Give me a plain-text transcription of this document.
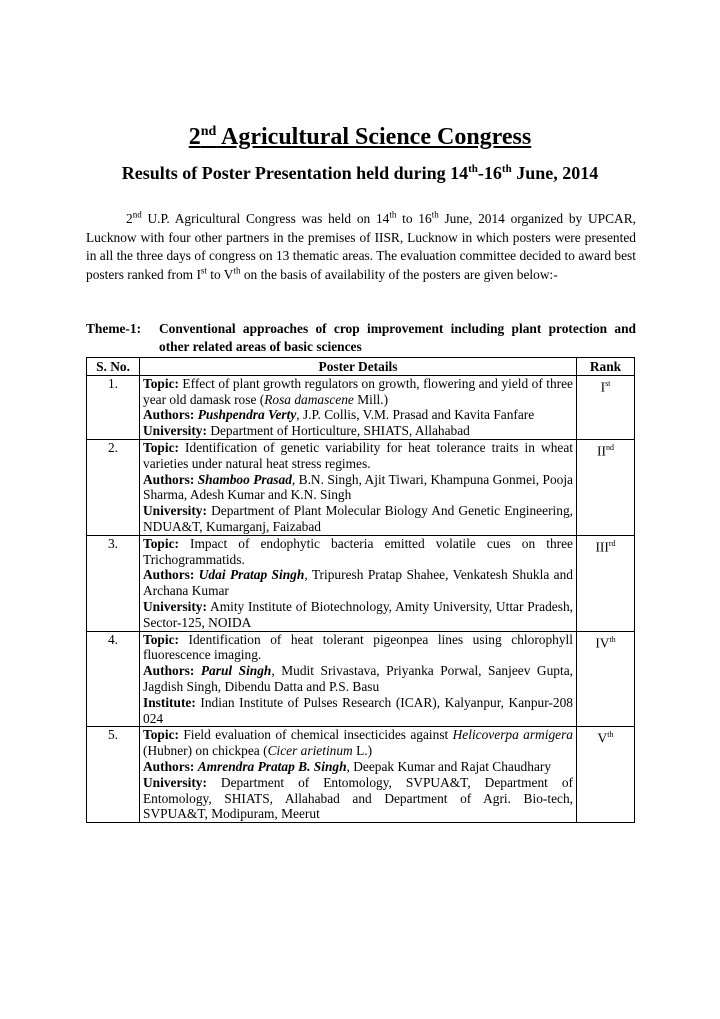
2nd Agricultural Science Congress
Results of Poster Presentation held during 14th-16th June, 2014
2nd U.P. Agricultural Congress was held on 14th to 16th June, 2014 organized by UPCAR, Lucknow with four other partners in the premises of IISR, Lucknow in which posters were presented in all the three days of congress on 13 thematic areas. The evaluation committee decided to award best posters ranked from Ist to Vth on the basis of availability of the posters are given below:-
Theme-1: Conventional approaches of crop improvement including plant protection and other related areas of basic sciences
S. No.	Poster Details	Rank
1.	Topic: Effect of plant growth regulators on growth, flowering and yield of three year old damask rose (Rosa damascene Mill.)

Authors: Pushpendra Verty, J.P. Collis, V.M. Prasad and Kavita Fanfare

University: Department of Horticulture, SHIATS, Allahabad	Ist
2.	Topic: Identification of genetic variability for heat tolerance traits in wheat varieties under natural heat stress regimes.

Authors: Shamboo Prasad, B.N. Singh, Ajit Tiwari, Khampuna Gonmei, Pooja Sharma, Adesh Kumar and K.N. Singh

University: Department of Plant Molecular Biology And Genetic Engineering, NDUA&T, Kumarganj, Faizabad	IInd
3.	Topic: Impact of endophytic bacteria emitted volatile cues on three Trichogrammatids.

Authors: Udai Pratap Singh, Tripuresh Pratap Shahee, Venkatesh Shukla and Archana Kumar

University: Amity Institute of Biotechnology, Amity University, Uttar Pradesh, Sector-125, NOIDA	IIIrd
4.	Topic: Identification of heat tolerant pigeonpea lines using chlorophyll fluorescence imaging.

Authors: Parul Singh, Mudit Srivastava, Priyanka Porwal, Sanjeev Gupta, Jagdish Singh, Dibendu Datta and P.S. Basu

Institute: Indian Institute of Pulses Research (ICAR), Kalyanpur, Kanpur-208 024	IVth
5.	Topic: Field evaluation of chemical insecticides against Helicoverpa armigera (Hubner) on chickpea (Cicer arietinum L.)

Authors: Amrendra Pratap B. Singh, Deepak Kumar and Rajat Chaudhary

University: Department of Entomology, SVPUA&T, Department of Entomology, SHIATS, Allahabad and Department of Agri. Bio-tech, SVPUA&T, Modipuram, Meerut	Vth
